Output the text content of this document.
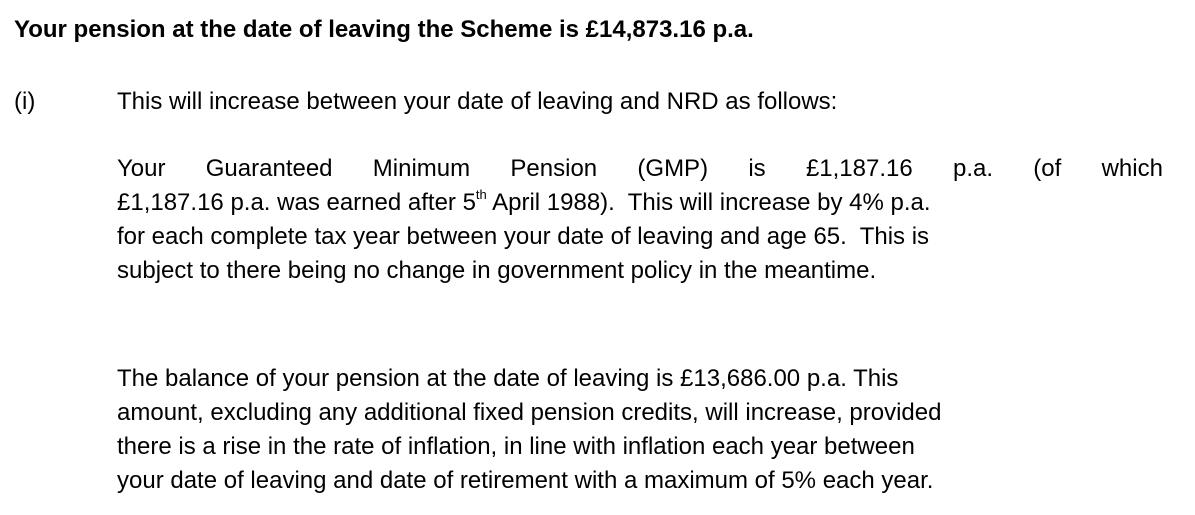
Your pension at the date of leaving the Scheme is £14,873.16 p.a.
(i)	This will increase between your date of leaving and NRD as follows:
Your Guaranteed Minimum Pension (GMP) is £1,187.16 p.a. (of which
£1,187.16 p.a. was earned after 5th April 1988).  This will increase by 4% p.a.
for each complete tax year between your date of leaving and age 65.  This is
subject to there being no change in government policy in the meantime.
The balance of your pension at the date of leaving is £13,686.00 p.a. This
amount, excluding any additional fixed pension credits, will increase, provided
there is a rise in the rate of inflation, in line with inflation each year between
your date of leaving and date of retirement with a maximum of 5% each year.
